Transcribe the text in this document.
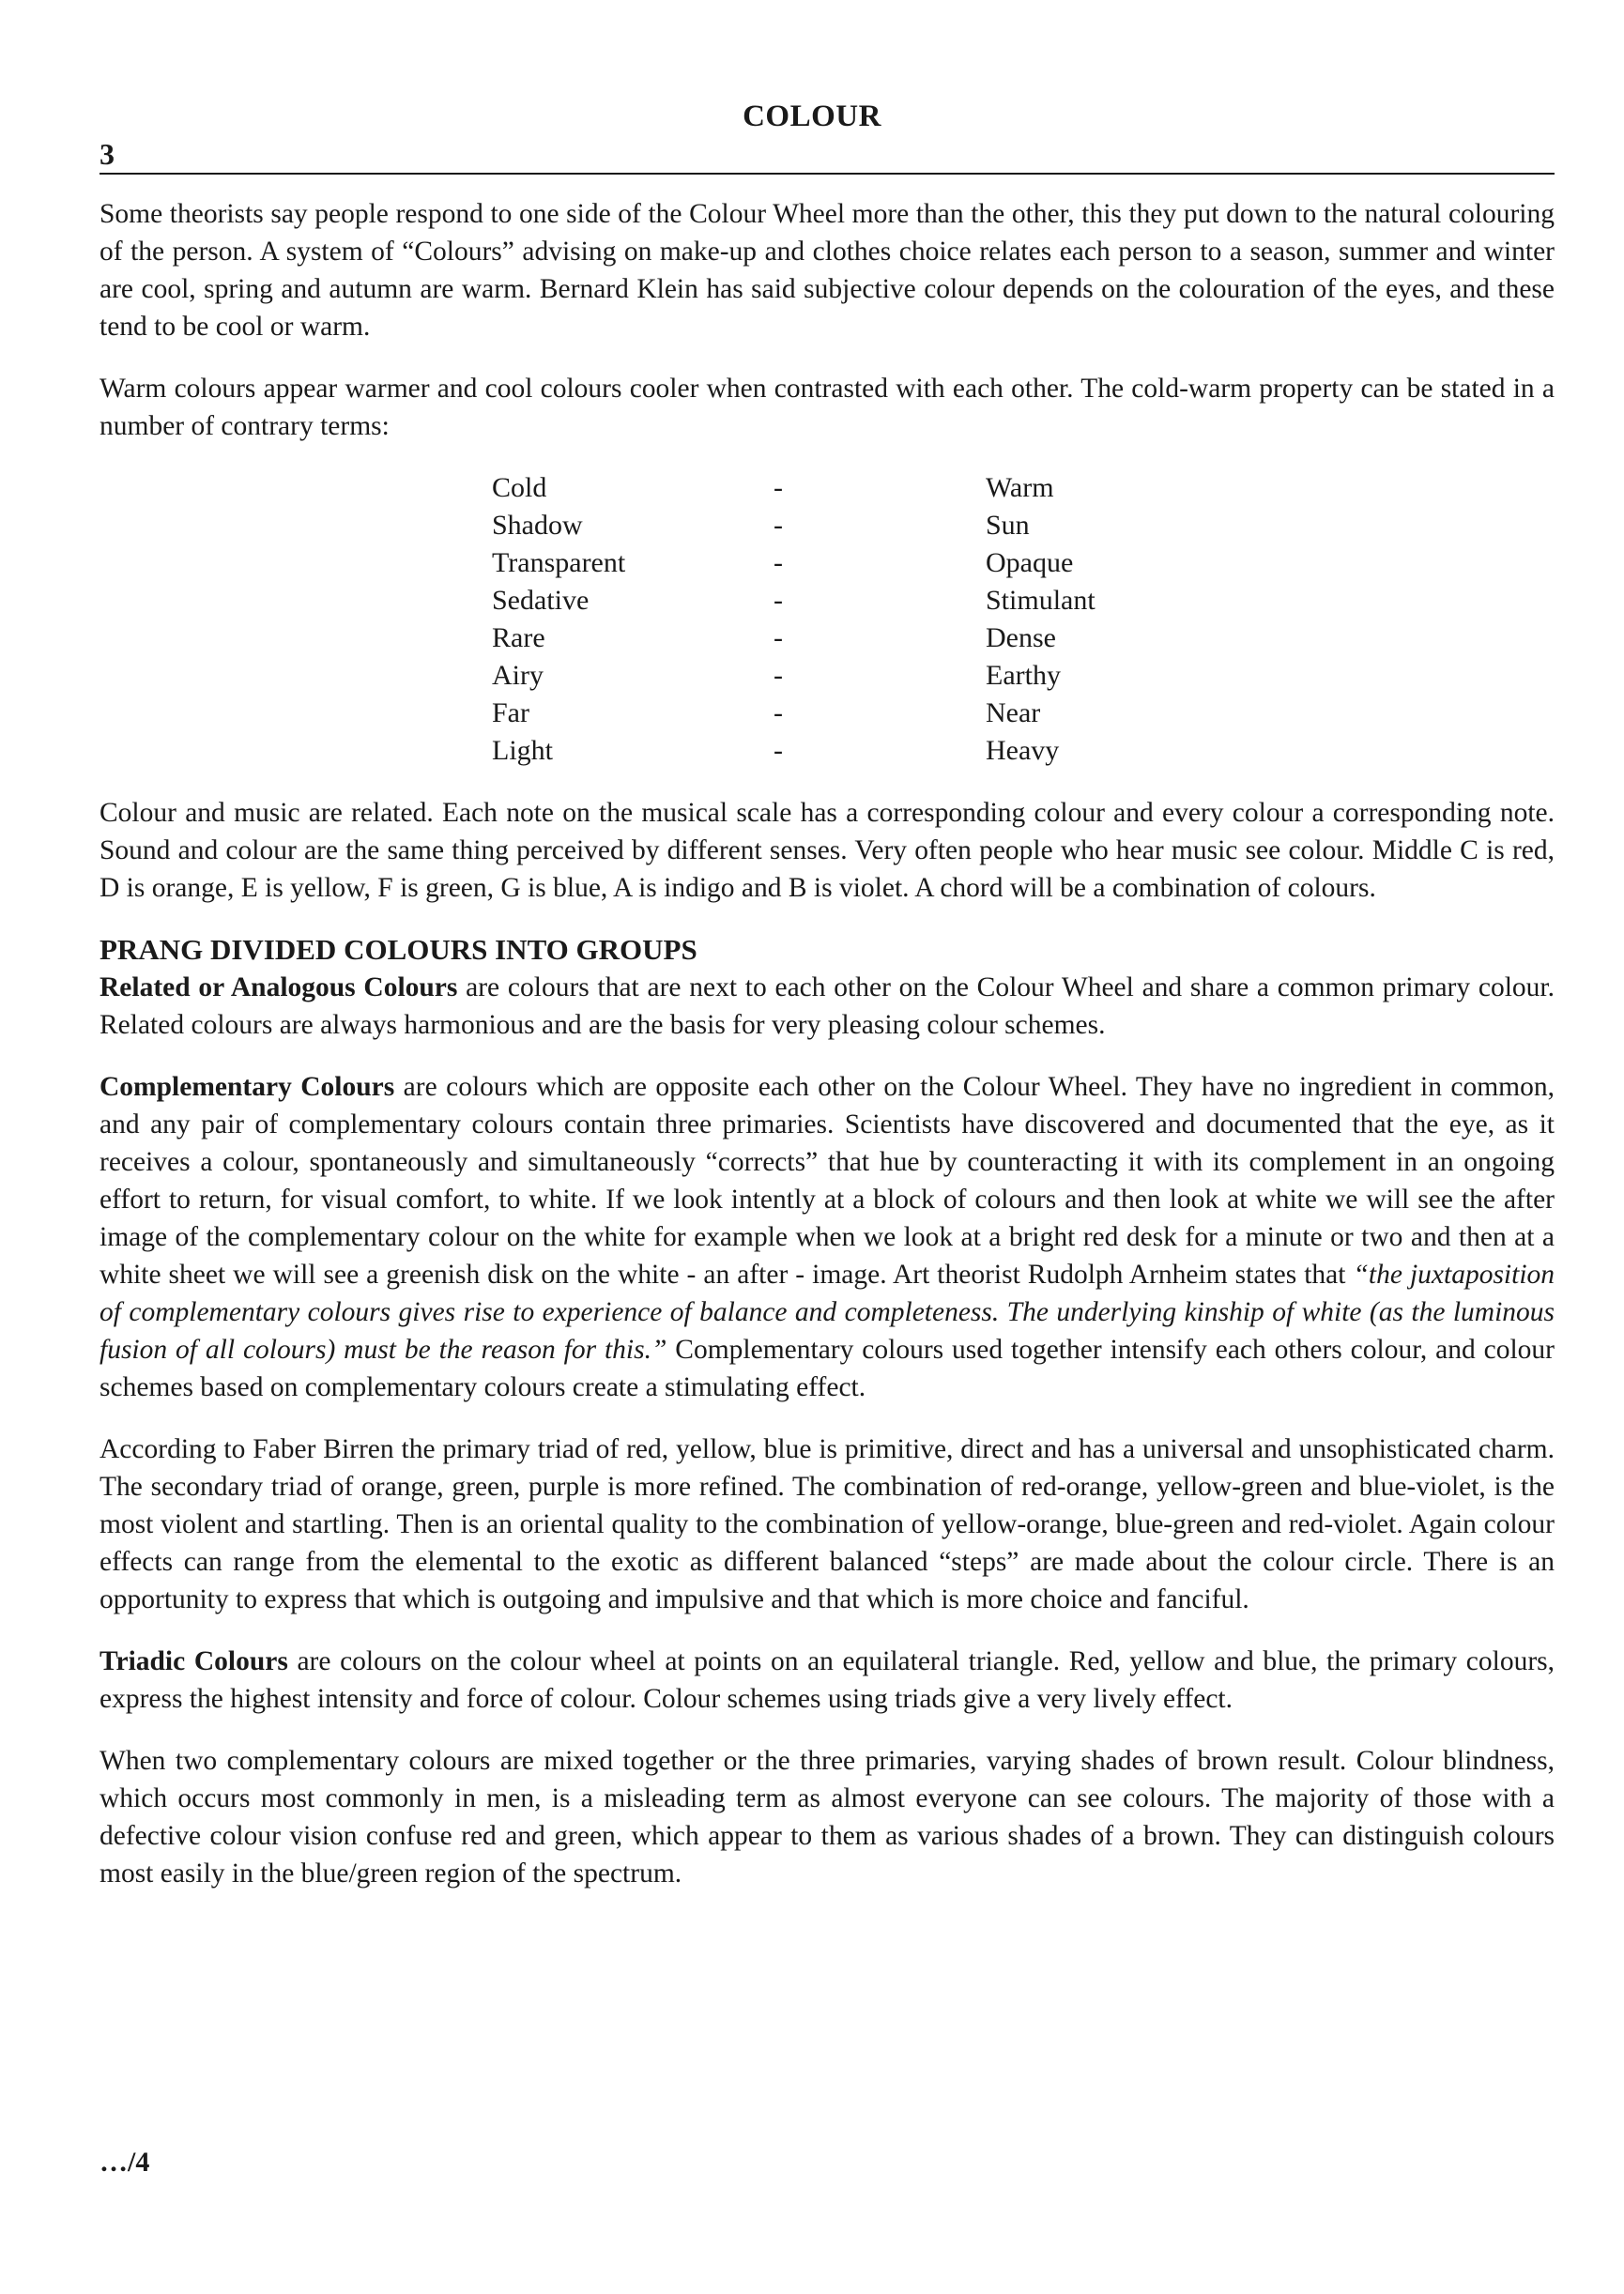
COLOUR
3

Some theorists say people respond to one side of the Colour Wheel more than the other, this they put down to the natural colouring of the person. A system of “Colours” advising on make-up and clothes choice relates each person to a season, summer and winter are cool, spring and autumn are warm. Bernard Klein has said subjective colour depends on the colouration of the eyes, and these tend to be cool or warm.

Warm colours appear warmer and cool colours cooler when contrasted with each other. The cold-warm property can be stated in a number of contrary terms:

Cold	-	Warm
Shadow	-	Sun
Transparent	-	Opaque
Sedative	-	Stimulant
Rare	-	Dense
Airy	-	Earthy
Far	-	Near
Light	-	Heavy

Colour and music are related. Each note on the musical scale has a corresponding colour and every colour a corresponding note. Sound and colour are the same thing perceived by different senses. Very often people who hear music see colour. Middle C is red, D is orange, E is yellow, F is green, G is blue, A is indigo and B is violet. A chord will be a combination of colours.

PRANG DIVIDED COLOURS INTO GROUPS

Related or Analogous Colours are colours that are next to each other on the Colour Wheel and share a common primary colour. Related colours are always harmonious and are the basis for very pleasing colour schemes.

Complementary Colours are colours which are opposite each other on the Colour Wheel. They have no ingredient in common, and any pair of complementary colours contain three primaries. Scientists have discovered and documented that the eye, as it receives a colour, spontaneously and simultaneously “corrects” that hue by counteracting it with its complement in an ongoing effort to return, for visual comfort, to white. If we look intently at a block of colours and then look at white we will see the after image of the complementary colour on the white for example when we look at a bright red desk for a minute or two and then at a white sheet we will see a greenish disk on the white - an after - image. Art theorist Rudolph Arnheim states that “the juxtaposition of complementary colours gives rise to experience of balance and completeness. The underlying kinship of white (as the luminous fusion of all colours) must be the reason for this.” Complementary colours used together intensify each others colour, and colour schemes based on complementary colours create a stimulating effect.

According to Faber Birren the primary triad of red, yellow, blue is primitive, direct and has a universal and unsophisticated charm. The secondary triad of orange, green, purple is more refined. The combination of red-orange, yellow-green and blue-violet, is the most violent and startling. Then is an oriental quality to the combination of yellow-orange, blue-green and red-violet. Again colour effects can range from the elemental to the exotic as different balanced “steps” are made about the colour circle. There is an opportunity to express that which is outgoing and impulsive and that which is more choice and fanciful.

Triadic Colours are colours on the colour wheel at points on an equilateral triangle. Red, yellow and blue, the primary colours, express the highest intensity and force of colour. Colour schemes using triads give a very lively effect.

When two complementary colours are mixed together or the three primaries, varying shades of brown result. Colour blindness, which occurs most commonly in men, is a misleading term as almost everyone can see colours. The majority of those with a defective colour vision confuse red and green, which appear to them as various shades of a brown. They can distinguish colours most easily in the blue/green region of the spectrum.

…/4
